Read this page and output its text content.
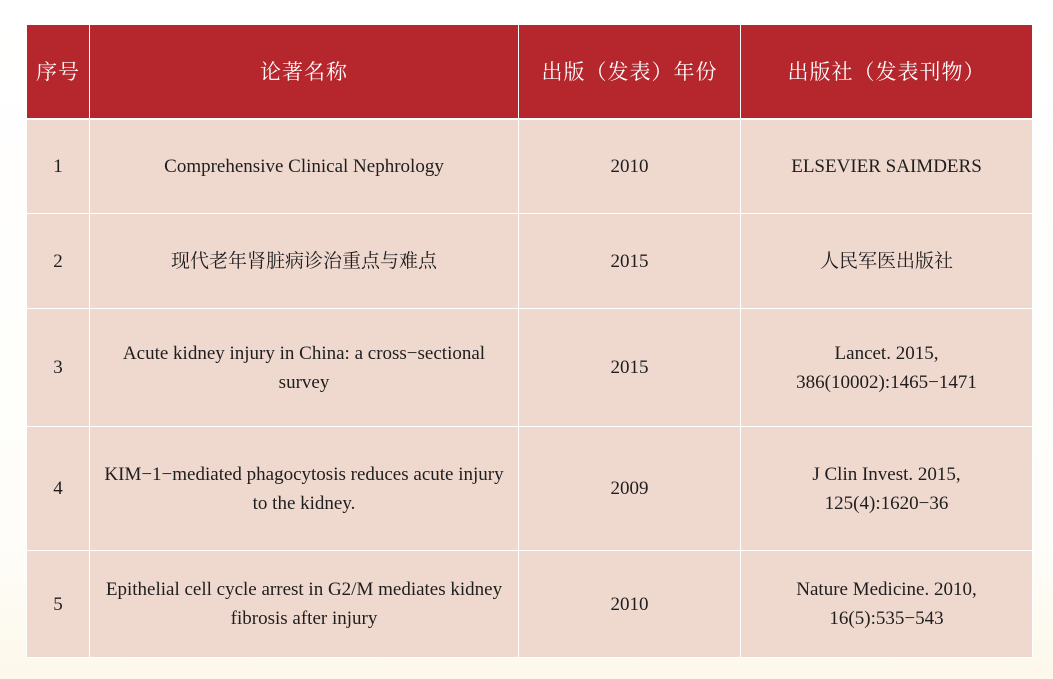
序号	论著名称	出版（发表）年份	出版社（发表刊物）
1	Comprehensive Clinical Nephrology	2010	ELSEVIER SAIMDERS
2	现代老年肾脏病诊治重点与难点	2015	人民军医出版社
3	Acute kidney injury in China: a cross−sectional survey	2015	Lancet. 2015, 386(10002):1465−1471
4	KIM−1−mediated phagocytosis reduces acute injury to the kidney.	2009	J Clin Invest. 2015, 125(4):1620−36
5	Epithelial cell cycle arrest in G2/M mediates kidney fibrosis after injury	2010	Nature Medicine. 2010, 16(5):535−543
